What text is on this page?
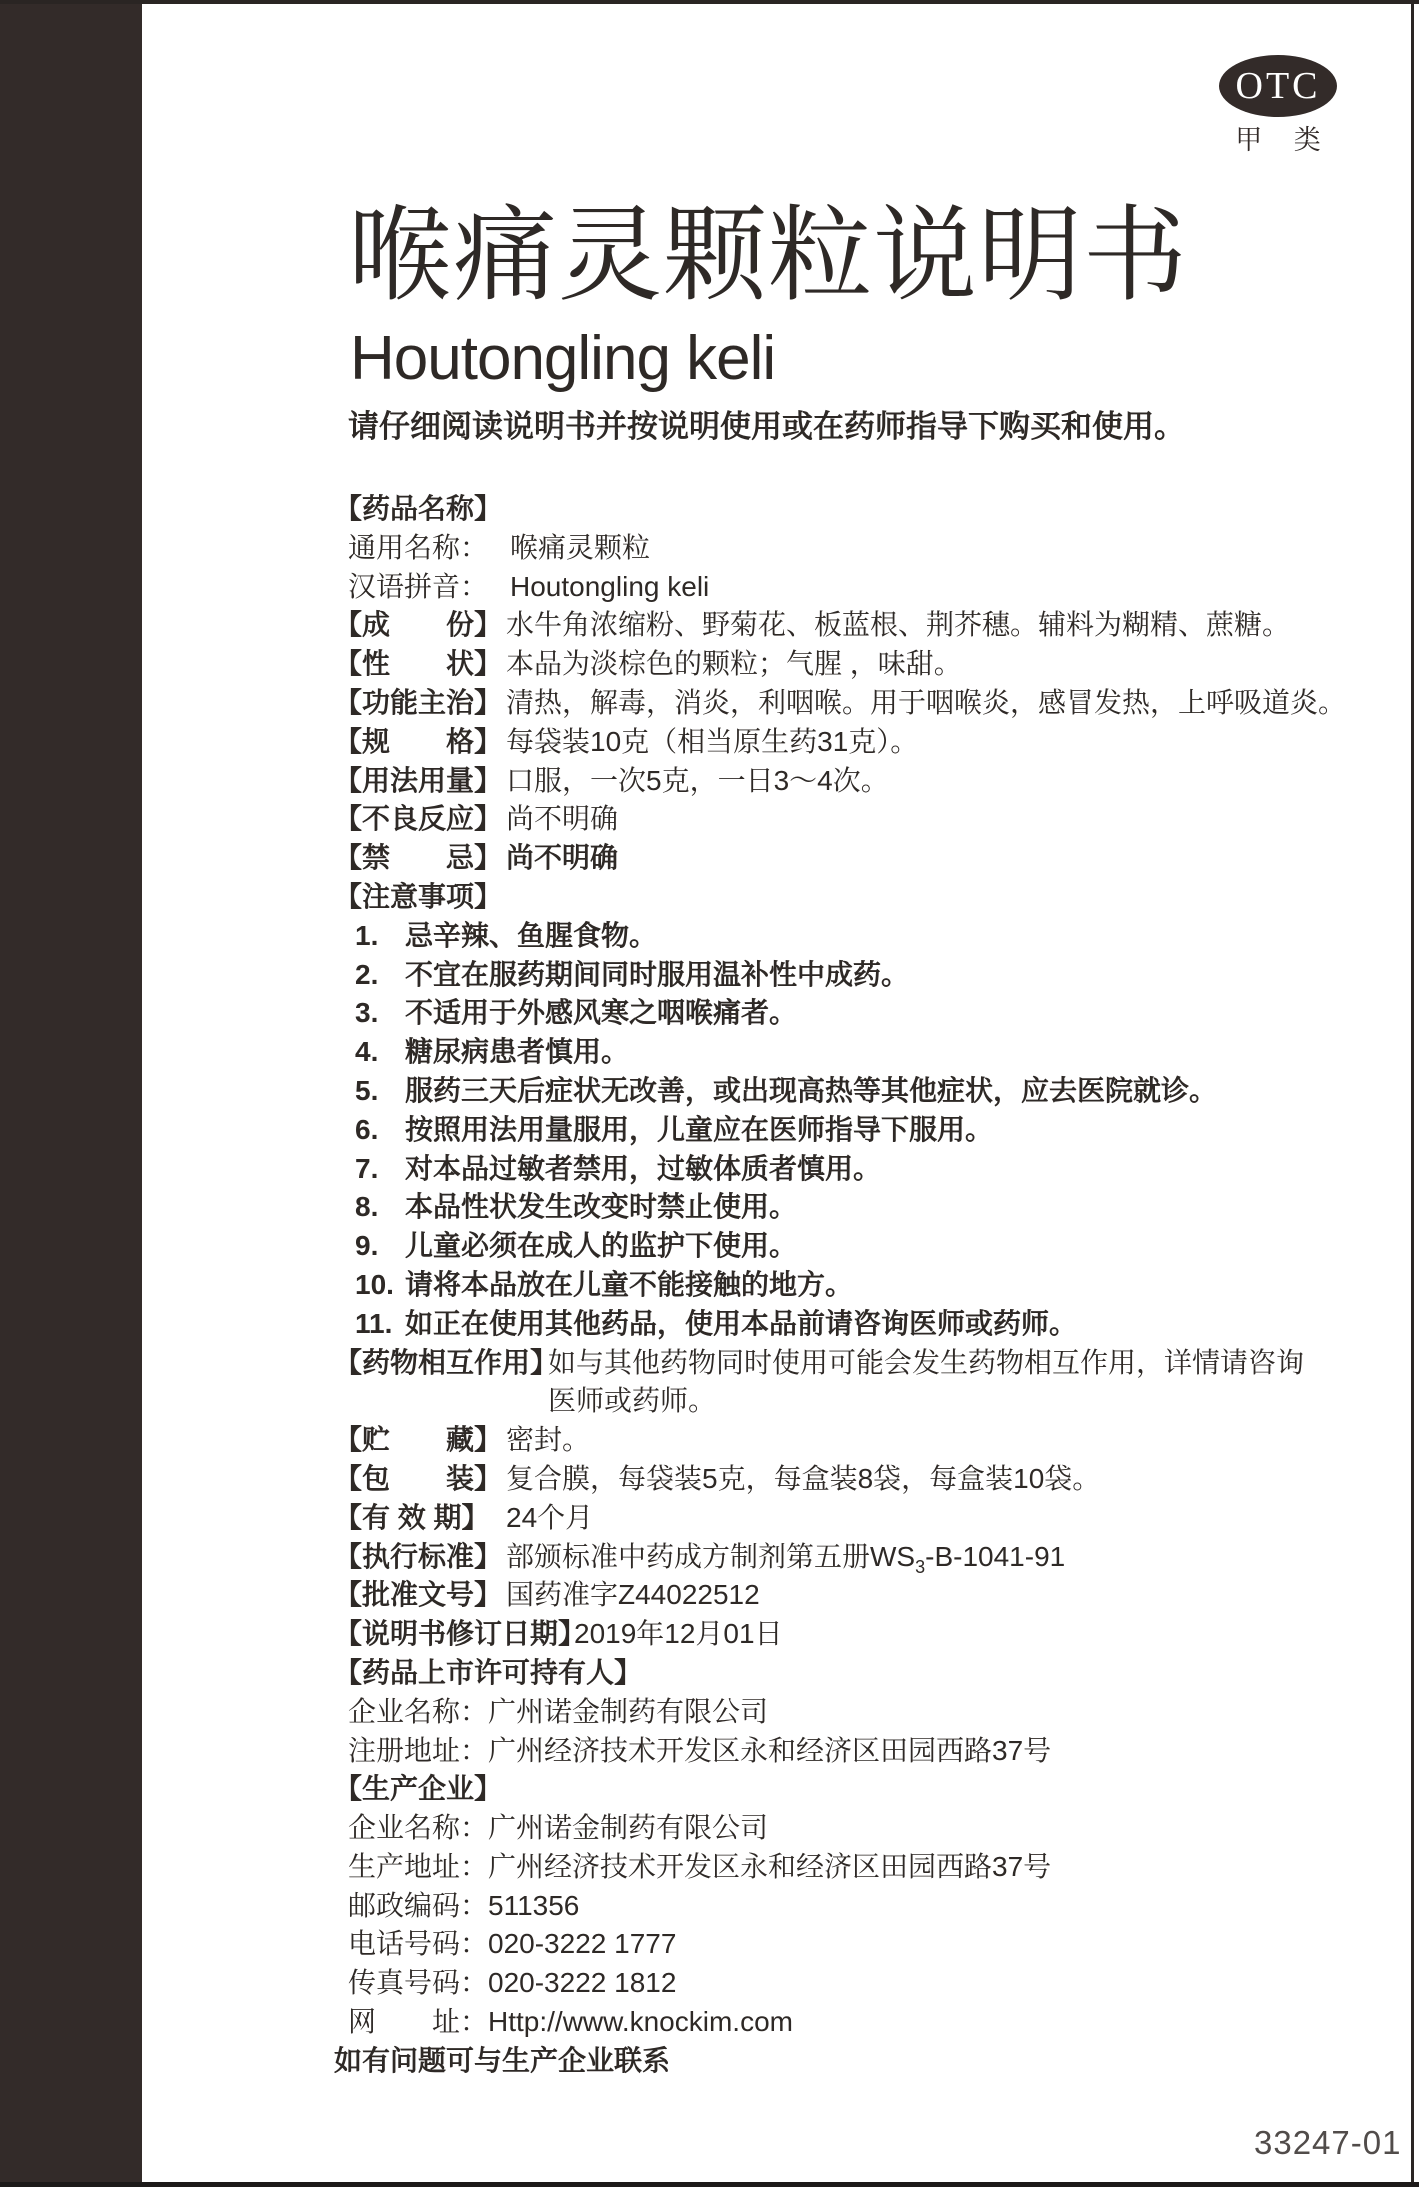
OTC
甲 类
喉痛灵颗粒说明书
Houtongling keli
请仔细阅读说明书并按说明使用或在药师指导下购买和使用。
【药品名称】
通用名称： 喉痛灵颗粒
汉语拼音： Houtongling keli
【成　　份】 水牛角浓缩粉、野菊花、板蓝根、荆芥穗。辅料为糊精、蔗糖。
【性　　状】 本品为淡棕色的颗粒；气腥 ，味甜。
【功能主治】 清热，解毒，消炎，利咽喉。用于咽喉炎，感冒发热，上呼吸道炎。
【规　　格】 每袋装10克（相当原生药31克）。
【用法用量】 口服，一次5克，一日3～4次。
【不良反应】 尚不明确
【禁　　忌】 尚不明确
【注意事项】
1. 忌辛辣、鱼腥食物。
2. 不宜在服药期间同时服用温补性中成药。
3. 不适用于外感风寒之咽喉痛者。
4. 糖尿病患者慎用。
5. 服药三天后症状无改善，或出现高热等其他症状，应去医院就诊。
6. 按照用法用量服用，儿童应在医师指导下服用。
7. 对本品过敏者禁用，过敏体质者慎用。
8. 本品性状发生改变时禁止使用。
9. 儿童必须在成人的监护下使用。
10. 请将本品放在儿童不能接触的地方。
11. 如正在使用其他药品，使用本品前请咨询医师或药师。
【药物相互作用】如与其他药物同时使用可能会发生药物相互作用，详情请咨询
医师或药师。
【贮　　藏】 密封。
【包　　装】 复合膜，每袋装5克，每盒装8袋，每盒装10袋。
【有 效 期】 24个月
【执行标准】 部颁标准中药成方制剂第五册$WS_3-B-1041-91$
【批准文号】 国药准字Z44022512
【说明书修订日期】2019年12月01日
【药品上市许可持有人】
企业名称：广州诺金制药有限公司
注册地址：广州经济技术开发区永和经济区田园西路37号
【生产企业】
企业名称：广州诺金制药有限公司
生产地址：广州经济技术开发区永和经济区田园西路37号
邮政编码：511356
电话号码：020-3222 1777
传真号码：020-3222 1812
网　　址：Http://www.knockim.com
如有问题可与生产企业联系
33247-01
